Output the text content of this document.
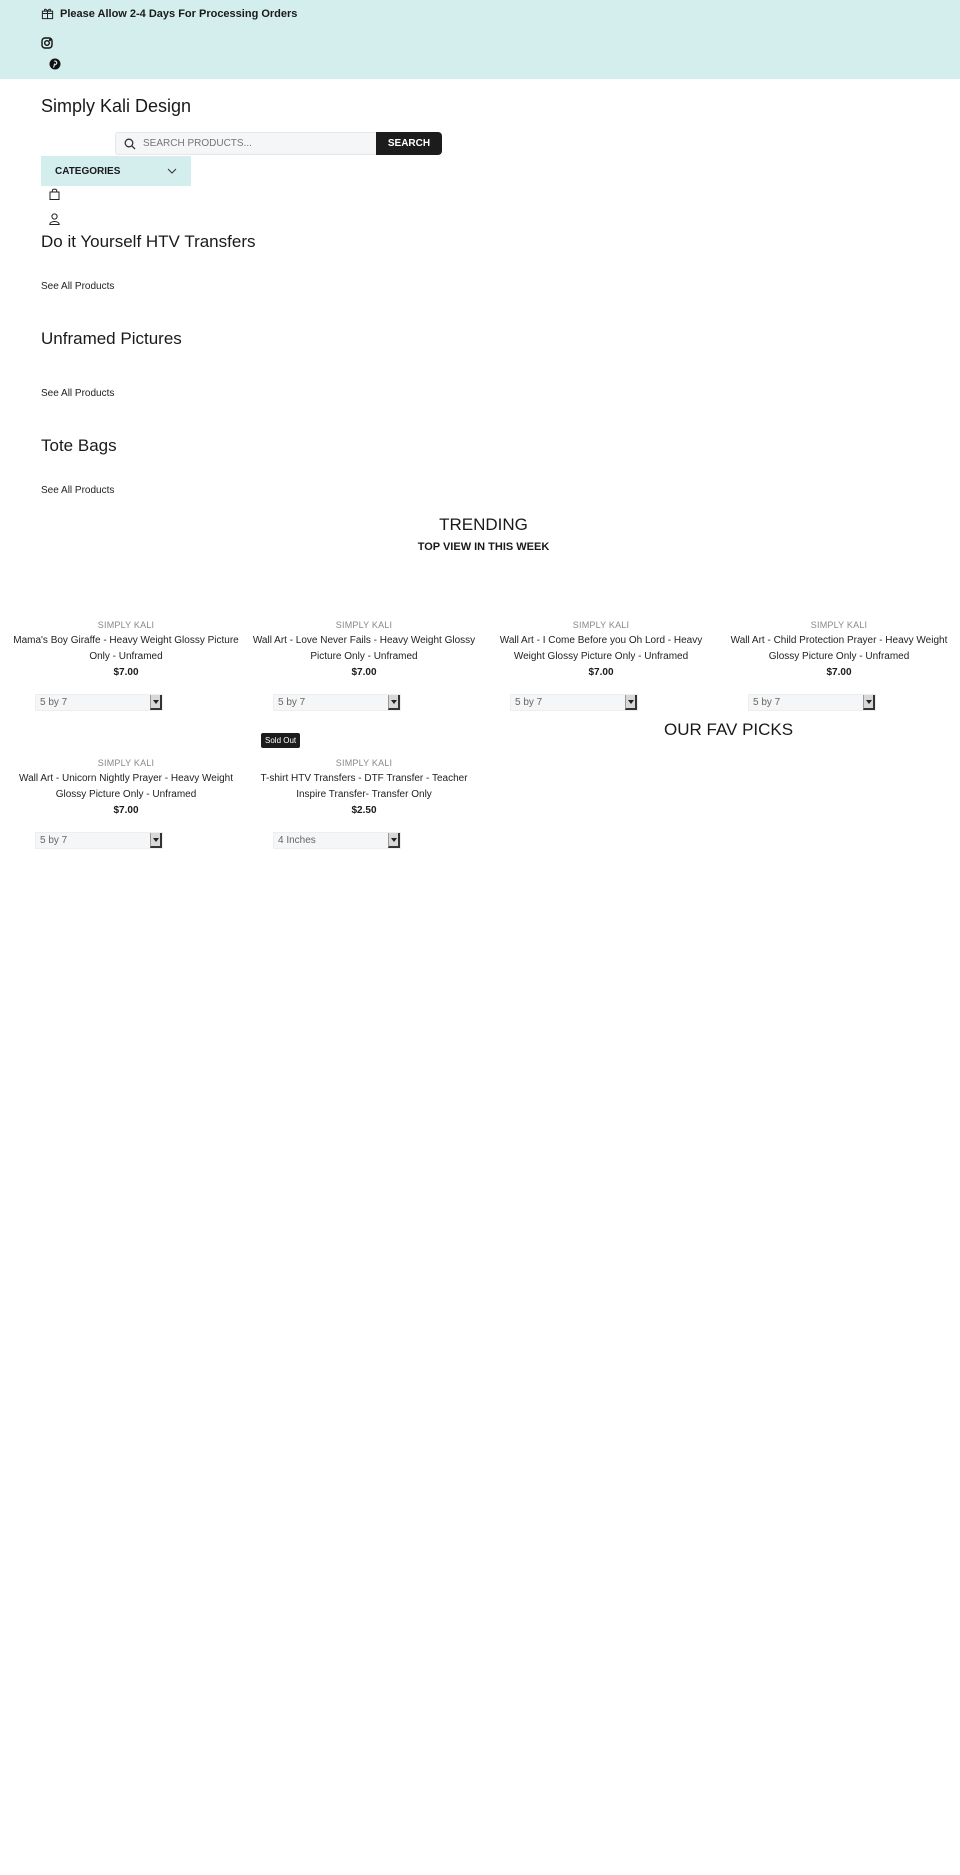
Please Allow 2-4 Days For Processing Orders
Simply Kali Design
SEARCH PRODUCTS...
SEARCH
CATEGORIES
Do it Yourself HTV Transfers
See All Products
Unframed Pictures
See All Products
Tote Bags
See All Products
TRENDING
TOP VIEW IN THIS WEEK
SIMPLY KALI
Mama's Boy Giraffe - Heavy Weight Glossy Picture Only - Unframed
$7.00
5 by 7
SIMPLY KALI
Wall Art - Love Never Fails - Heavy Weight Glossy Picture Only - Unframed
$7.00
5 by 7
SIMPLY KALI
Wall Art - I Come Before you Oh Lord - Heavy Weight Glossy Picture Only - Unframed
$7.00
5 by 7
SIMPLY KALI
Wall Art - Child Protection Prayer - Heavy Weight Glossy Picture Only - Unframed
$7.00
5 by 7
SIMPLY KALI
Wall Art - Unicorn Nightly Prayer - Heavy Weight Glossy Picture Only - Unframed
$7.00
5 by 7
Sold Out
SIMPLY KALI
T-shirt HTV Transfers - DTF Transfer - Teacher Inspire Transfer- Transfer Only
$2.50
4 Inches
OUR FAV PICKS
